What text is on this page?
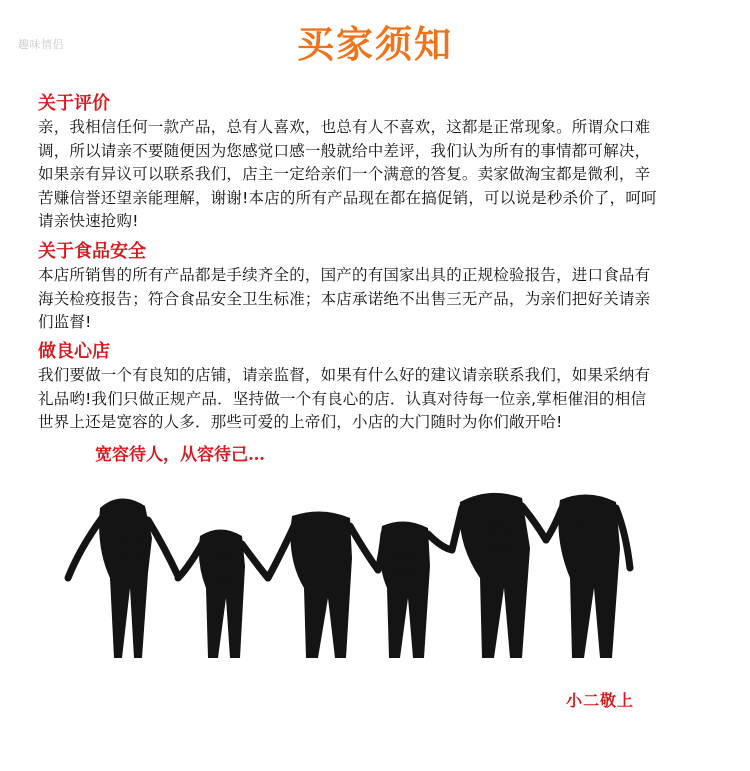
趣味情侣	买家须知
关于评价
亲，我相信任何一款产品，总有人喜欢，也总有人不喜欢，这都是正常现象。所谓众口难
调，所以请亲不要随便因为您感觉口感一般就给中差评，我们认为所有的事情都可解决，
如果亲有异议可以联系我们，店主一定给亲们一个满意的答复。卖家做淘宝都是微利，辛
苦赚信誉还望亲能理解，谢谢!本店的所有产品现在都在搞促销，可以说是秒杀价了，呵呵
请亲快速抢购!
关于食品安全
本店所销售的所有产品都是手续齐全的，国产的有国家出具的正规检验报告，进口食品有
海关检疫报告；符合食品安全卫生标准；本店承诺绝不出售三无产品，为亲们把好关请亲
们监督!
做良心店
我们要做一个有良知的店铺，请亲监督，如果有什么好的建议请亲联系我们，如果采纳有
礼品哟!我们只做正规产品．坚持做一个有良心的店．认真对待每一位亲,掌柜催泪的相信
世界上还是宽容的人多．那些可爱的上帝们，小店的大门随时为你们敞开哈!
宽容待人，从容待己…
小二敬上
